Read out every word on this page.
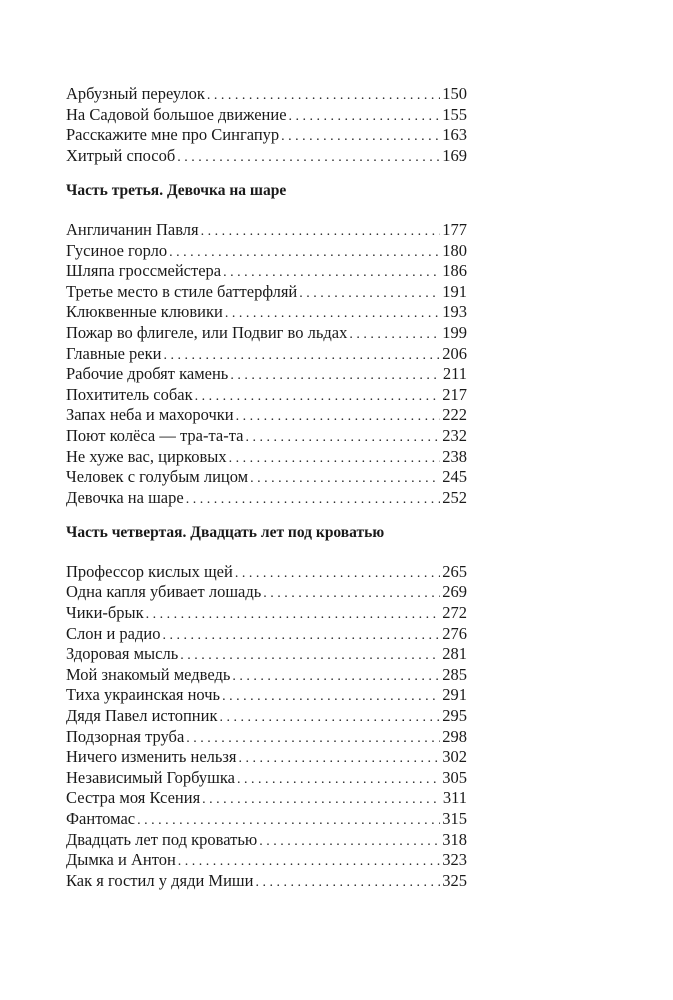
Арбузный переулок . . .	150
На Садовой большое движение . . .	155
Расскажите мне про Сингапур . . .	163
Хитрый способ . . .	169
Часть третья. Девочка на шаре
Англичанин Павля . . .	177
Гусиное горло . . .	180
Шляпа гроссмейстера . . .	186
Третье место в стиле баттерфляй . . .	191
Клюквенные клювики . . .	193
Пожар во флигеле, или Подвиг во льдах . . .	199
Главные реки . . .	206
Рабочие дробят камень . . .	211
Похититель собак . . .	217
Запах неба и махорочки . . .	222
Поют колёса — тра-та-та . . .	232
Не хуже вас, цирковых . . .	238
Человек с голубым лицом . . .	245
Девочка на шаре . . .	252
Часть четвертая. Двадцать лет под кроватью
Профессор кислых щей . . .	265
Одна капля убивает лошадь . . .	269
Чики-брык . . .	272
Слон и радио . . .	276
Здоровая мысль . . .	281
Мой знакомый медведь . . .	285
Тиха украинская ночь . . .	291
Дядя Павел истопник . . .	295
Подзорная труба . . .	298
Ничего изменить нельзя . . .	302
Независимый Горбушка . . .	305
Сестра моя Ксения . . .	311
Фантомас . . .	315
Двадцать лет под кроватью . . .	318
Дымка и Антон . . .	323
Как я гостил у дяди Миши . . .	325
